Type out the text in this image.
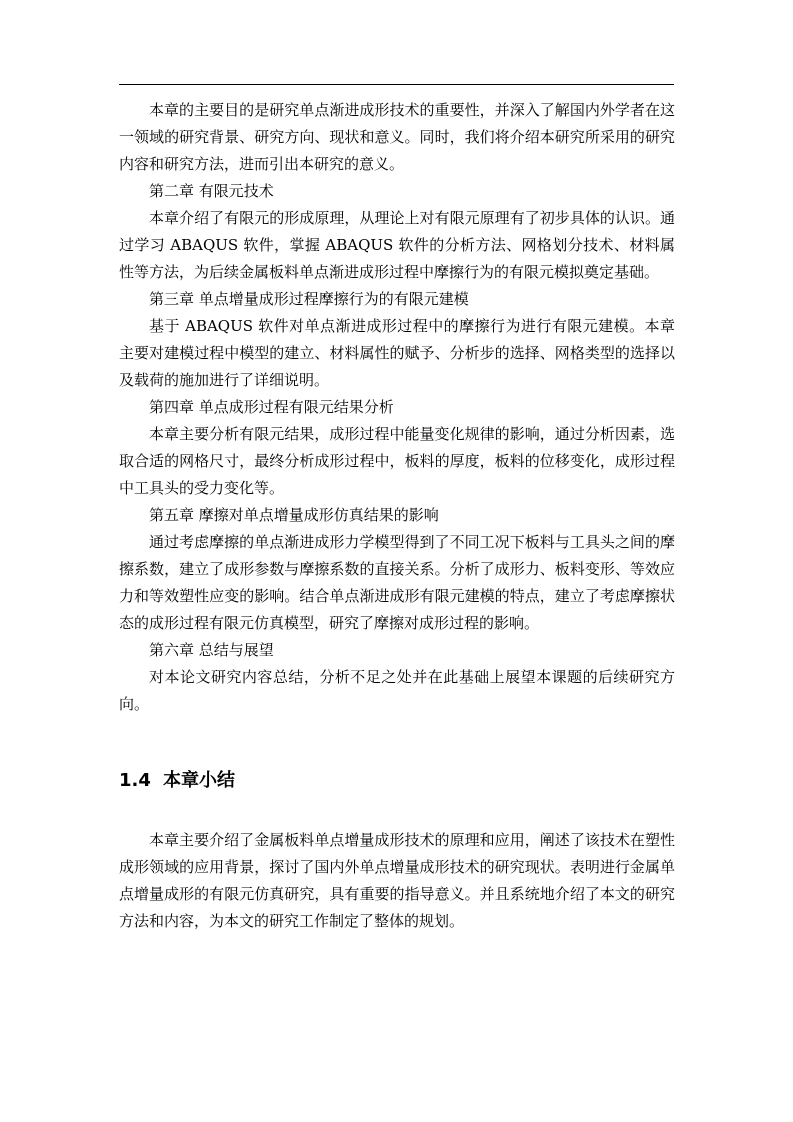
本章的主要目的是研究单点渐进成形技术的重要性，并深入了解国内外学者在这一领域的研究背景、研究方向、现状和意义。同时，我们将介绍本研究所采用的研究内容和研究方法，进而引出本研究的意义。

第二章 有限元技术

本章介绍了有限元的形成原理，从理论上对有限元原理有了初步具体的认识。通过学习 ABAQUS 软件，掌握 ABAQUS 软件的分析方法、网格划分技术、材料属性等方法，为后续金属板料单点渐进成形过程中摩擦行为的有限元模拟奠定基础。

第三章 单点增量成形过程摩擦行为的有限元建模

基于 ABAQUS 软件对单点渐进成形过程中的摩擦行为进行有限元建模。本章主要对建模过程中模型的建立、材料属性的赋予、分析步的选择、网格类型的选择以及载荷的施加进行了详细说明。

第四章 单点成形过程有限元结果分析

本章主要分析有限元结果，成形过程中能量变化规律的影响，通过分析因素，选取合适的网格尺寸，最终分析成形过程中，板料的厚度，板料的位移变化，成形过程中工具头的受力变化等。

第五章 摩擦对单点增量成形仿真结果的影响

通过考虑摩擦的单点渐进成形力学模型得到了不同工况下板料与工具头之间的摩擦系数，建立了成形参数与摩擦系数的直接关系。分析了成形力、板料变形、等效应力和等效塑性应变的影响。结合单点渐进成形有限元建模的特点，建立了考虑摩擦状态的成形过程有限元仿真模型，研究了摩擦对成形过程的影响。

第六章 总结与展望

对本论文研究内容总结，分析不足之处并在此基础上展望本课题的后续研究方向。

1.4 本章小结

本章主要介绍了金属板料单点增量成形技术的原理和应用，阐述了该技术在塑性成形领域的应用背景，探讨了国内外单点增量成形技术的研究现状。表明进行金属单点增量成形的有限元仿真研究，具有重要的指导意义。并且系统地介绍了本文的研究方法和内容，为本文的研究工作制定了整体的规划。
